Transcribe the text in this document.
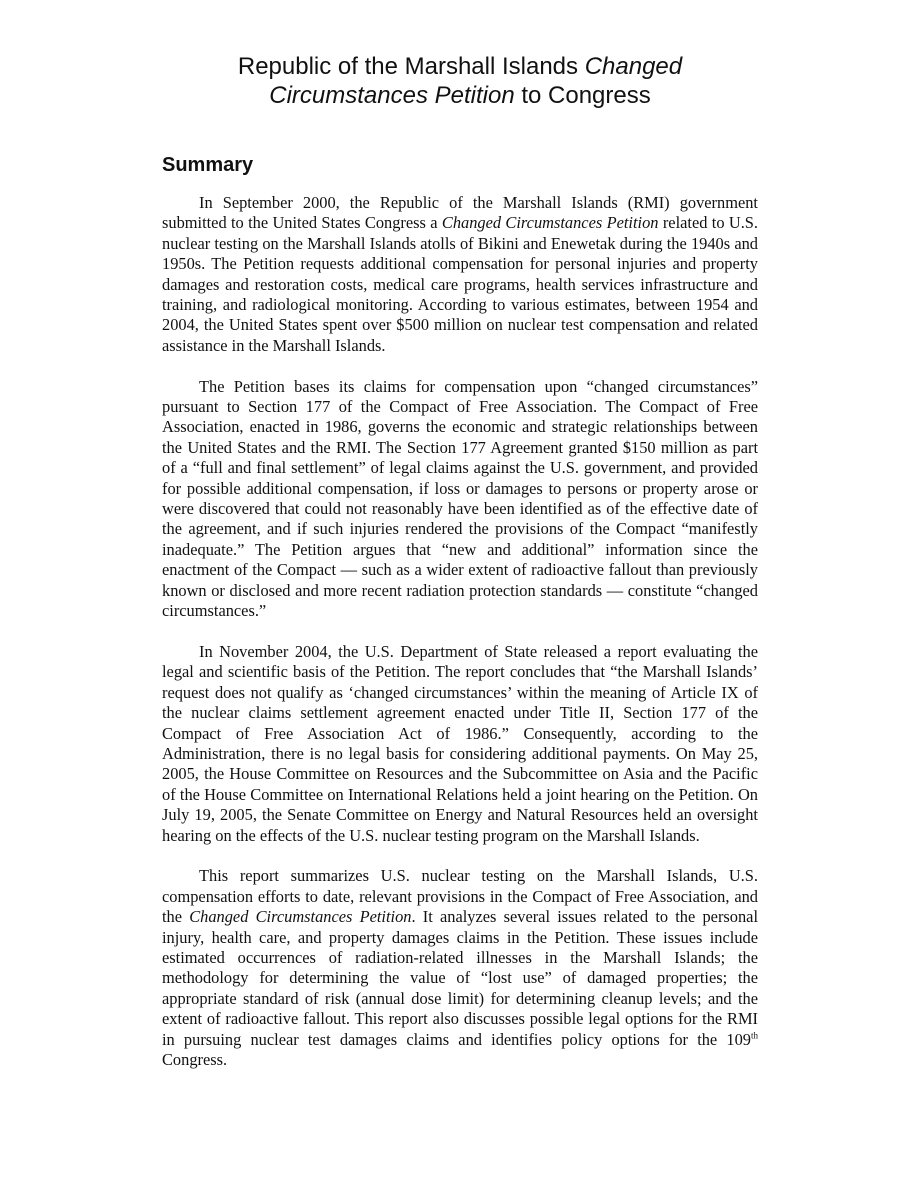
Republic of the Marshall Islands Changed
Circumstances Petition to Congress
Summary

In September 2000, the Republic of the Marshall Islands (RMI) government submitted to the United States Congress a Changed Circumstances Petition related to U.S. nuclear testing on the Marshall Islands atolls of Bikini and Enewetak during the 1940s and 1950s. The Petition requests additional compensation for personal injuries and property damages and restoration costs, medical care programs, health services infrastructure and training, and radiological monitoring. According to various estimates, between 1954 and 2004, the United States spent over $500 million on nuclear test compensation and related assistance in the Marshall Islands.

The Petition bases its claims for compensation upon “changed circumstances” pursuant to Section 177 of the Compact of Free Association. The Compact of Free Association, enacted in 1986, governs the economic and strategic relationships between the United States and the RMI. The Section 177 Agreement granted $150 million as part of a “full and final settlement” of legal claims against the U.S. government, and provided for possible additional compensation, if loss or damages to persons or property arose or were discovered that could not reasonably have been identified as of the effective date of the agreement, and if such injuries rendered the provisions of the Compact “manifestly inadequate.” The Petition argues that “new and additional” information since the enactment of the Compact — such as a wider extent of radioactive fallout than previously known or disclosed and more recent radiation protection standards — constitute “changed circumstances.”

In November 2004, the U.S. Department of State released a report evaluating the legal and scientific basis of the Petition. The report concludes that “the Marshall Islands’ request does not qualify as ‘changed circumstances’ within the meaning of Article IX of the nuclear claims settlement agreement enacted under Title II, Section 177 of the Compact of Free Association Act of 1986.” Consequently, according to the Administration, there is no legal basis for considering additional payments. On May 25, 2005, the House Committee on Resources and the Subcommittee on Asia and the Pacific of the House Committee on International Relations held a joint hearing on the Petition. On July 19, 2005, the Senate Committee on Energy and Natural Resources held an oversight hearing on the effects of the U.S. nuclear testing program on the Marshall Islands.

This report summarizes U.S. nuclear testing on the Marshall Islands, U.S. compensation efforts to date, relevant provisions in the Compact of Free Association, and the Changed Circumstances Petition. It analyzes several issues related to the personal injury, health care, and property damages claims in the Petition. These issues include estimated occurrences of radiation-related illnesses in the Marshall Islands; the methodology for determining the value of “lost use” of damaged properties; the appropriate standard of risk (annual dose limit) for determining cleanup levels; and the extent of radioactive fallout. This report also discusses possible legal options for the RMI in pursuing nuclear test damages claims and identifies policy options for the 109th Congress.
